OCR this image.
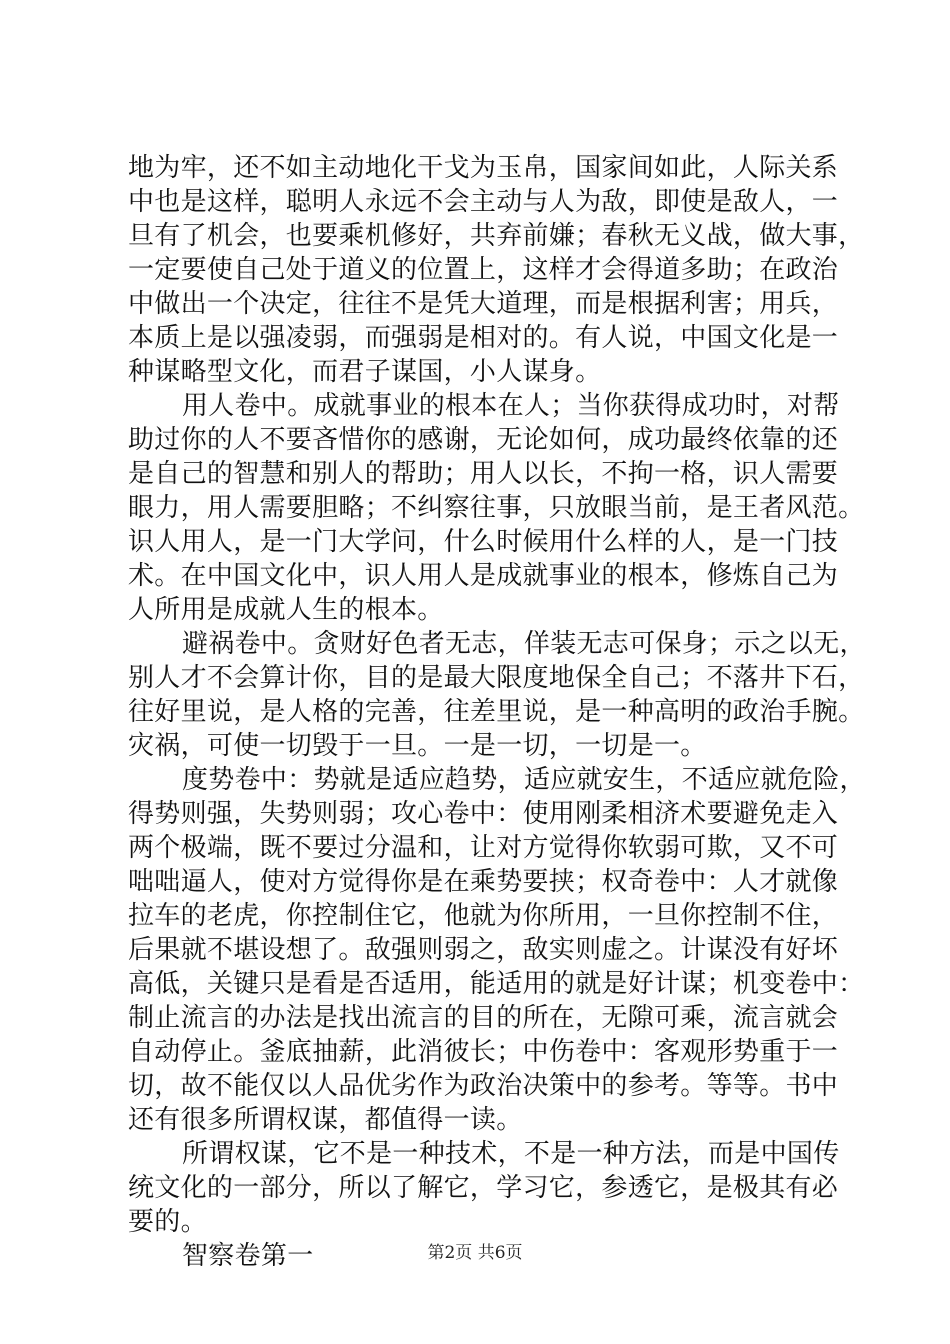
地为牢，还不如主动地化干戈为玉帛，国家间如此，人际关系
中也是这样，聪明人永远不会主动与人为敌，即使是敌人，一
旦有了机会，也要乘机修好，共弃前嫌；春秋无义战，做大事，
一定要使自己处于道义的位置上，这样才会得道多助；在政治
中做出一个决定，往往不是凭大道理，而是根据利害；用兵，
本质上是以强凌弱，而强弱是相对的。有人说，中国文化是一
种谋略型文化，而君子谋国，小人谋身。
用人卷中。成就事业的根本在人；当你获得成功时，对帮
助过你的人不要吝惜你的感谢，无论如何，成功最终依靠的还
是自己的智慧和别人的帮助；用人以长，不拘一格，识人需要
眼力，用人需要胆略；不纠察往事，只放眼当前，是王者风范。
识人用人，是一门大学问，什么时候用什么样的人，是一门技
术。在中国文化中，识人用人是成就事业的根本，修炼自己为
人所用是成就人生的根本。
避祸卷中。贪财好色者无志，佯装无志可保身；示之以无，
别人才不会算计你，目的是最大限度地保全自己；不落井下石，
往好里说，是人格的完善，往差里说，是一种高明的政治手腕。
灾祸，可使一切毁于一旦。一是一切，一切是一。
度势卷中：势就是适应趋势，适应就安生，不适应就危险，
得势则强，失势则弱；攻心卷中：使用刚柔相济术要避免走入
两个极端，既不要过分温和，让对方觉得你软弱可欺，又不可
咄咄逼人，使对方觉得你是在乘势要挟；权奇卷中：人才就像
拉车的老虎，你控制住它，他就为你所用，一旦你控制不住，
后果就不堪设想了。敌强则弱之，敌实则虚之。计谋没有好坏
高低，关键只是看是否适用，能适用的就是好计谋；机变卷中：
制止流言的办法是找出流言的目的所在，无隙可乘，流言就会
自动停止。釜底抽薪，此消彼长；中伤卷中：客观形势重于一
切，故不能仅以人品优劣作为政治决策中的参考。等等。书中
还有很多所谓权谋，都值得一读。
所谓权谋，它不是一种技术，不是一种方法，而是中国传
统文化的一部分，所以了解它，学习它，参透它，是极其有必
要的。
智察卷第一	第2页 共6页
